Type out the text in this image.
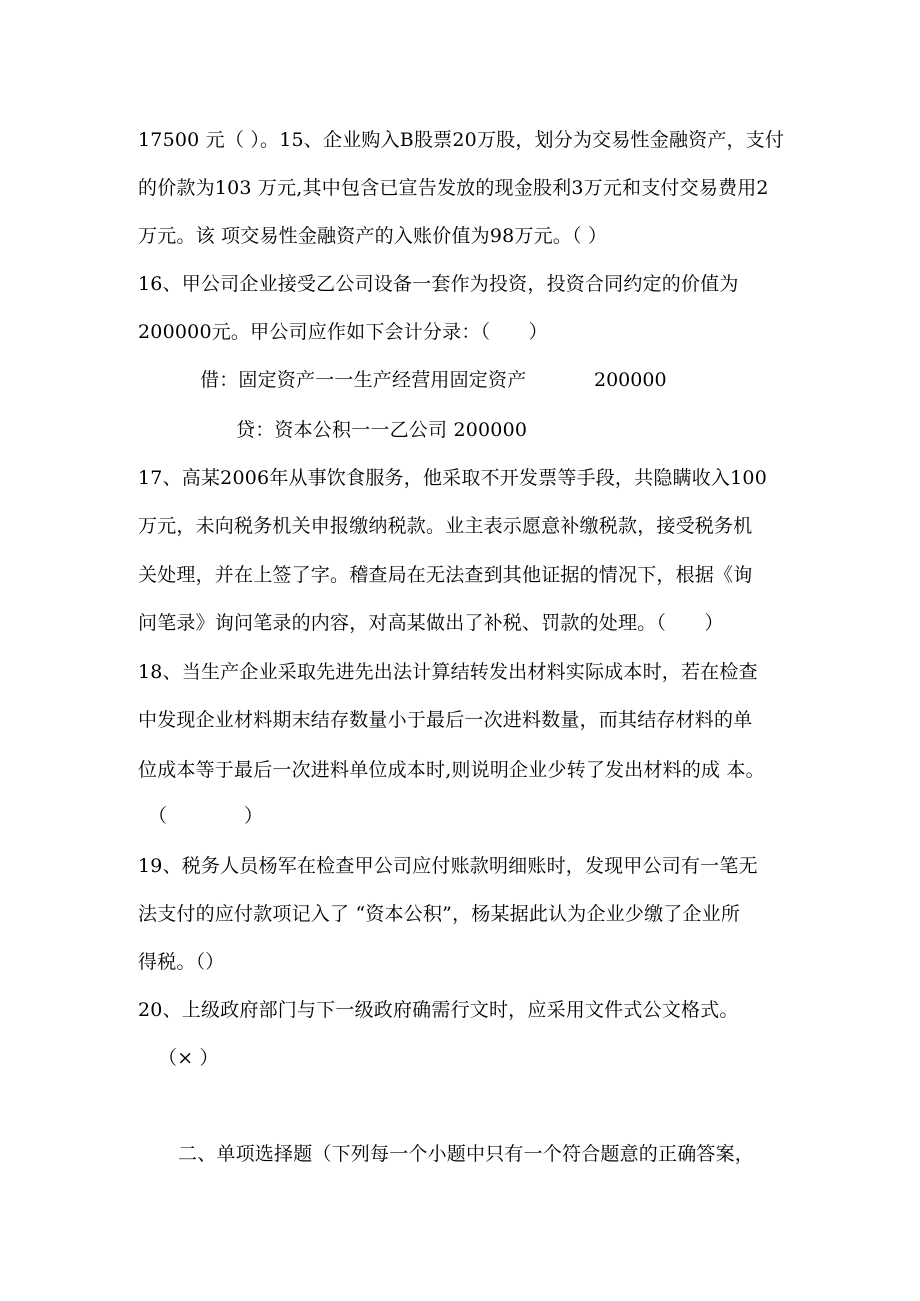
17500 元（ ）。15、企业购入B股票20万股，划分为交易性金融资产，支付
的价款为103 万元,其中包含已宣告发放的现金股利3万元和支付交易费用2
万元。该 项交易性金融资产的入账价值为98万元。（ ）
16、甲公司企业接受乙公司设备一套作为投资，投资合同约定的价值为
200000元。甲公司应作如下会计分录：（　　）
借：固定资产一一生产经营用固定资产	200000
贷：资本公积一一乙公司 200000
17、高某2006年从事饮食服务，他采取不开发票等手段，共隐瞒收入100
万元，未向税务机关申报缴纳税款。业主表示愿意补缴税款，接受税务机
关处理，并在上签了字。稽查局在无法查到其他证据的情况下，根据《询
问笔录》询问笔录的内容，对高某做出了补税、罚款的处理。（　　）
18、当生产企业采取先进先出法计算结转发出材料实际成本时，若在检查
中发现企业材料期末结存数量小于最后一次进料数量，而其结存材料的单
位成本等于最后一次进料单位成本时,则说明企业少转了发出材料的成 本。
（　　　　）
19、税务人员杨军在检查甲公司应付账款明细账时，发现甲公司有一笔无
法支付的应付款项记入了 “资本公积”，杨某据此认为企业少缴了企业所
得税。（）
20、上级政府部门与下一级政府确需行文时，应采用文件式公文格式。
（× ）
二、单项选择题（下列每一个小题中只有一个符合题意的正确答案，
